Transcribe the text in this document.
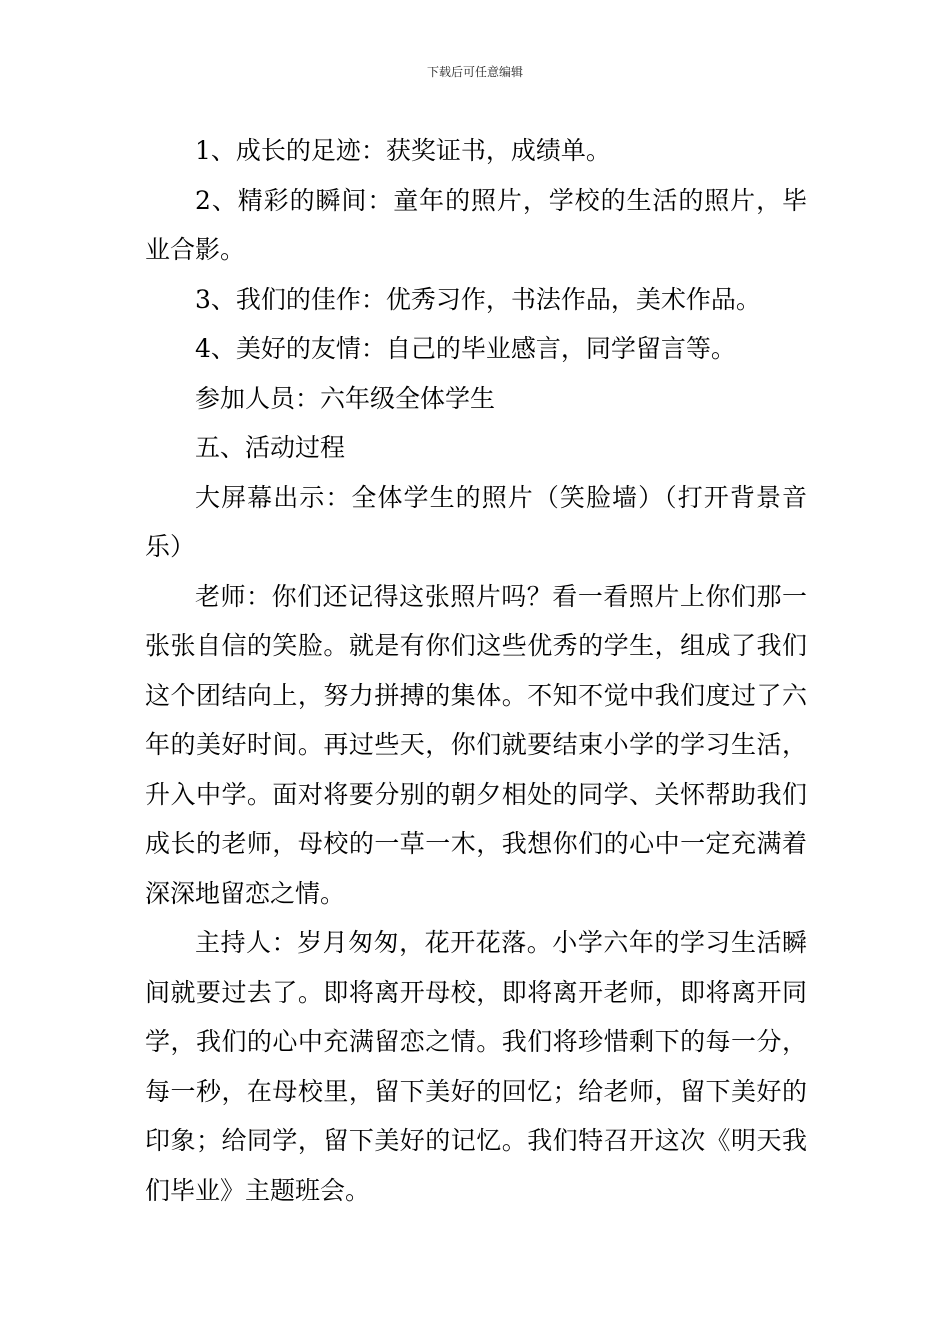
下载后可任意编辑

1、成长的足迹：获奖证书，成绩单。

2、精彩的瞬间：童年的照片，学校的生活的照片，毕业合影。

3、我们的佳作：优秀习作，书法作品，美术作品。

4、美好的友情：自己的毕业感言，同学留言等。

参加人员：六年级全体学生

五、活动过程

大屏幕出示：全体学生的照片（笑脸墙）（打开背景音乐）

老师：你们还记得这张照片吗？看一看照片上你们那一张张自信的笑脸。就是有你们这些优秀的学生，组成了我们这个团结向上，努力拼搏的集体。不知不觉中我们度过了六年的美好时间。再过些天，你们就要结束小学的学习生活，升入中学。面对将要分别的朝夕相处的同学、关怀帮助我们成长的老师，母校的一草一木，我想你们的心中一定充满着深深地留恋之情。

主持人：岁月匆匆，花开花落。小学六年的学习生活瞬间就要过去了。即将离开母校，即将离开老师，即将离开同学，我们的心中充满留恋之情。我们将珍惜剩下的每一分，每一秒，在母校里，留下美好的回忆；给老师，留下美好的印象；给同学，留下美好的记忆。我们特召开这次《明天我们毕业》主题班会。
